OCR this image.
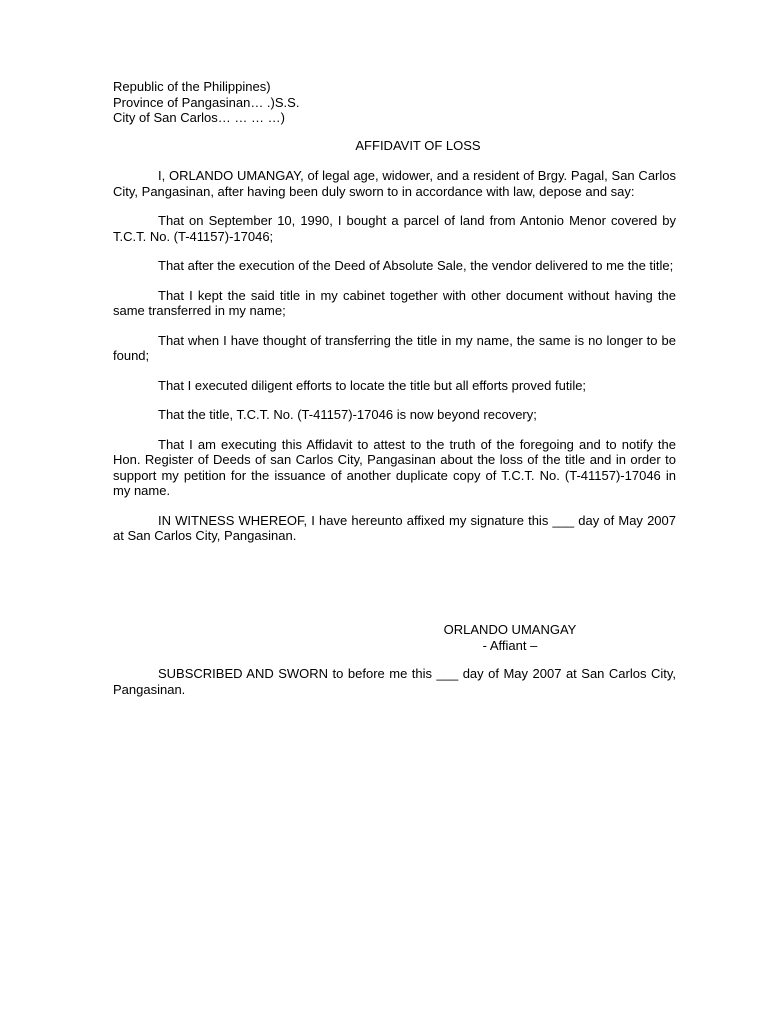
Republic of the Philippines)
Province of Pangasinan… .)S.S.
City of San Carlos… … … …)
AFFIDAVIT OF LOSS

I, ORLANDO UMANGAY, of legal age, widower, and a resident of Brgy. Pagal, San Carlos City, Pangasinan, after having been duly sworn to in accordance with law, depose and say:

That on September 10, 1990, I bought a parcel of land from Antonio Menor covered by T.C.T. No. (T-41157)-17046;

That after the execution of the Deed of Absolute Sale, the vendor delivered to me the title;

That I kept the said title in my cabinet together with other document without having the same transferred in my name;

That when I have thought of transferring the title in my name, the same is no longer to be found;

That I executed diligent efforts to locate the title but all efforts proved futile;

That the title, T.C.T. No. (T-41157)-17046 is now beyond recovery;

That I am executing this Affidavit to attest to the truth of the foregoing and to notify the Hon. Register of Deeds of san Carlos City, Pangasinan about the loss of the title and in order to support my petition for the issuance of another duplicate copy of T.C.T. No. (T-41157)-17046 in my name.

IN WITNESS WHEREOF, I have hereunto affixed my signature this ___ day of May 2007 at San Carlos City, Pangasinan.

ORLANDO UMANGAY
- Affiant –

SUBSCRIBED AND SWORN to before me this ___ day of May 2007 at San Carlos City, Pangasinan.
